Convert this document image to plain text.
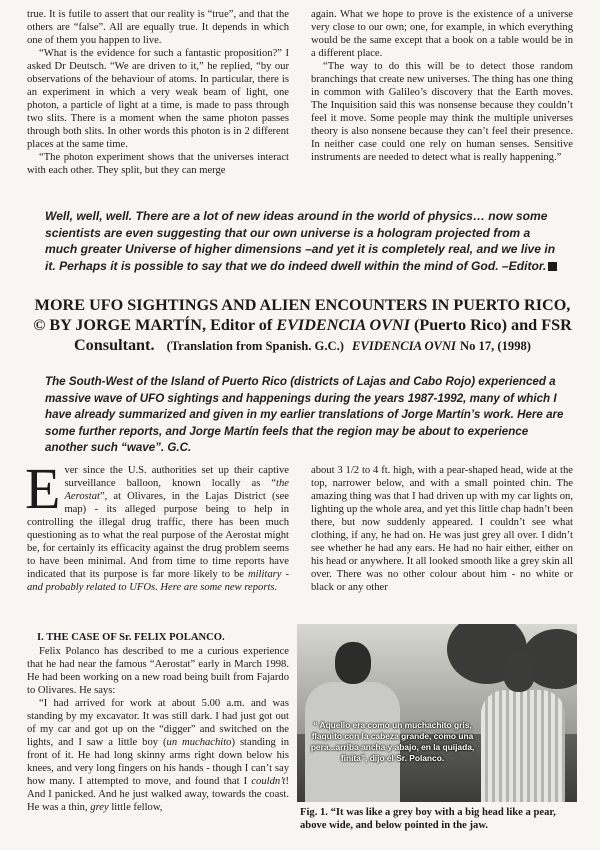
true. It is futile to assert that our reality is “true”, and that the others are “false”. All are equally true. It depends in which one of them you happen to live.

“What is the evidence for such a fantastic proposition?” I asked Dr Deutsch. “We are driven to it,” he replied, “by our observations of the behaviour of atoms. In particular, there is an experiment in which a very weak beam of light, one photon, a particle of light at a time, is made to pass through two slits. There is a moment when the same photon passes through both slits. In other words this photon is in 2 different places at the same time.

“The photon experiment shows that the universes interact with each other. They split, but they can merge

again. What we hope to prove is the existence of a universe very close to our own; one, for example, in which everything would be the same except that a book on a table would be in a different place.

“The way to do this will be to detect those random branchings that create new universes. The thing has one thing in common with Galileo’s discovery that the Earth moves. The Inquisition said this was nonsense because they couldn’t feel it move. Some people may think the multiple universes theory is also nonsene because they can’t feel their presence. In neither case could one rely on human senses. Sensitive instruments are needed to detect what is really happening.”

Well, well, well. There are a lot of new ideas around in the world of physics… now some scientists are even suggesting that our own universe is a hologram projected from a much greater Universe of higher dimensions –and yet it is completely real, and we live in it. Perhaps it is possible to say that we do indeed dwell within the mind of God. –Editor.
MORE UFO SIGHTINGS AND ALIEN ENCOUNTERS IN PUERTO RICO,
© BY JORGE MARTÍN, Editor of EVIDENCIA OVNI (Puerto Rico) and FSR
Consultant. (Translation from Spanish. G.C.) EVIDENCIA OVNI No 17, (1998)
The South-West of the Island of Puerto Rico (districts of Lajas and Cabo Rojo) experienced a massive wave of UFO sightings and happenings during the years 1987-1992, many of which I have already summarized and given in my earlier translations of Jorge Martín’s work. Here are some further reports, and Jorge Martín feels that the region may be about to experience another such “wave”. G.C.

Ever since the U.S. authorities set up their captive surveillance balloon, known locally as “the Aerostat”, at Olivares, in the Lajas District (see map) - its alleged purpose being to help in controlling the illegal drug traffic, there has been much questioning as to what the real purpose of the Aerostat might be, for certainly its efficacity against the drug problem seems to have been minimal. And from time to time reports have indicated that its purpose is far more likely to be military - and probably related to UFOs. Here are some new reports.

about 3 1/2 to 4 ft. high, with a pear-shaped head, wide at the top, narrower below, and with a small pointed chin. The amazing thing was that I had driven up with my car lights on, lighting up the whole area, and yet this little chap hadn’t been there, but now suddenly appeared. I couldn’t see what clothing, if any, he had on. He was just grey all over. I didn’t see whether he had any ears. He had no hair either, either on his head or anywhere. It all looked smooth like a grey skin all over. There was no other colour about him - no white or black or any other

I. THE CASE OF Sr. FELIX POLANCO.

Felix Polanco has described to me a curious experience that he had near the famous “Aerostat” early in March 1998. He had been working on a new road being built from Fajardo to Olivares. He says:

“I had arrived for work at about 5.00 a.m. and was standing by my excavator. It was still dark. I had just got out of my car and got up on the “digger” and switched on the lights, and I saw a little boy (un muchachito) standing in front of it. He had long skinny arms right down below his knees, and very long fingers on his hands - though I can’t say how many. I attempted to move, and found that I couldn’t! And I panicked. And he just walked away, towards the coast. He was a thin, grey little fellow,

“ Aquello era como un muchachito gris, flaquito con la cabeza grande, como una pera...arriba ancha y abajo, en la quijada, finita”, dijo el Sr. Polanco.
Fig. 1. “It was like a grey boy with a big head like a pear, above wide, and below pointed in the jaw.
